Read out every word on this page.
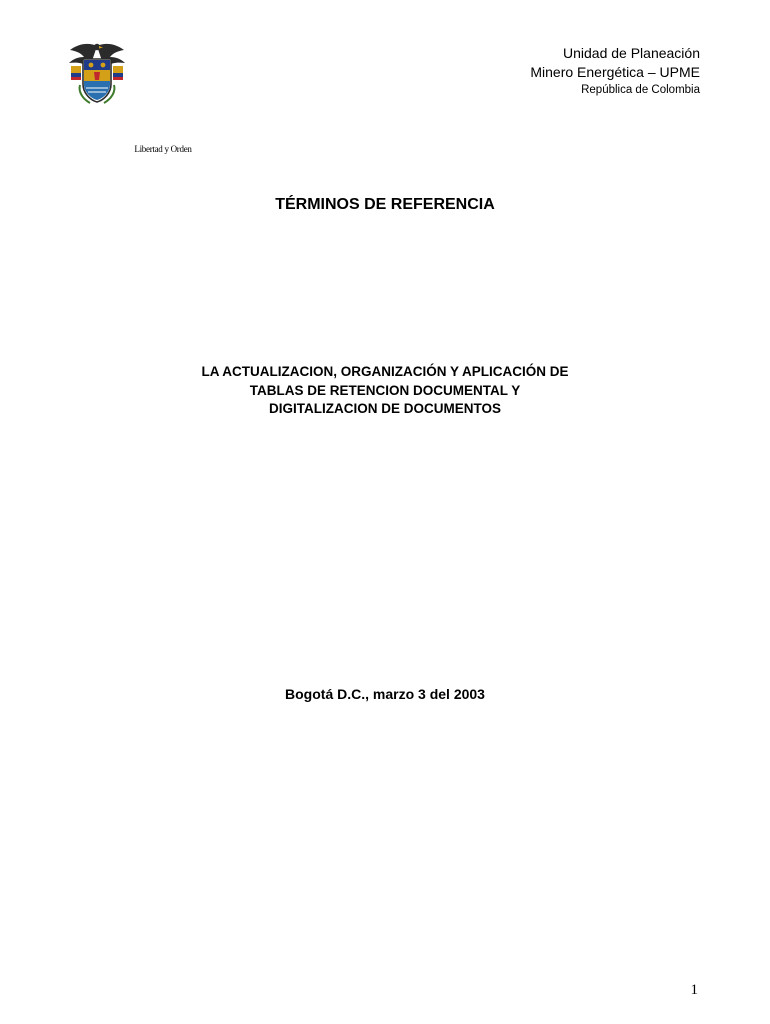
Libertad y Orden
Unidad de Planeación
Minero Energética – UPME
República de Colombia
TÉRMINOS DE REFERENCIA
LA ACTUALIZACION, ORGANIZACIÓN Y APLICACIÓN DE
TABLAS DE RETENCION DOCUMENTAL Y
DIGITALIZACION DE DOCUMENTOS

Bogotá D.C., marzo 3 del 2003

1
